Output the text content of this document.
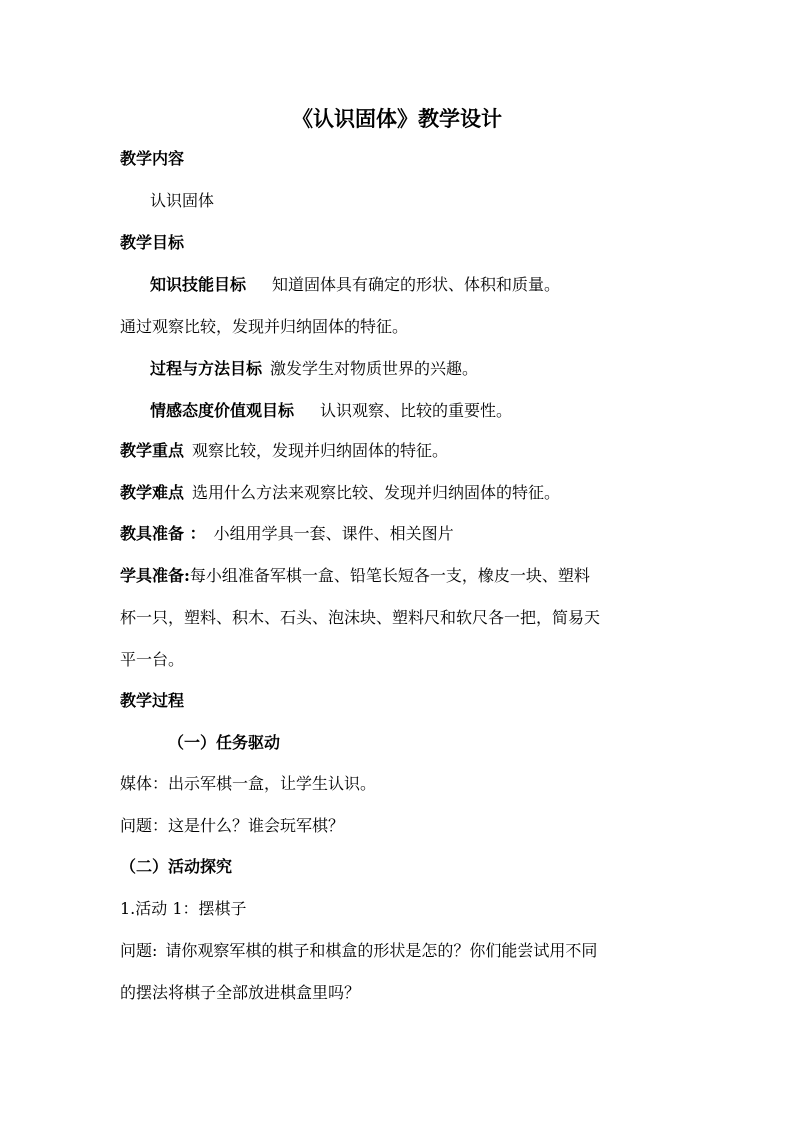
《认识固体》教学设计
教学内容
认识固体
教学目标
知识技能目标 知道固体具有确定的形状、体积和质量。
通过观察比较，发现并归纳固体的特征。
过程与方法目标 激发学生对物质世界的兴趣。
情感态度价值观目标 认识观察、比较的重要性。
教学重点 观察比较，发现并归纳固体的特征。
教学难点 选用什么方法来观察比较、发现并归纳固体的特征。
教具准备 ： 小组用学具一套、课件、相关图片
学具准备:每小组准备军棋一盒、铅笔长短各一支，橡皮一块、塑料
杯一只，塑料、积木、石头、泡沫块、塑料尺和软尺各一把，简易天
平一台。
教学过程
（一）任务驱动
媒体：出示军棋一盒，让学生认识。
问题：这是什么？谁会玩军棋？
（二）活动探究
1.活动 1：摆棋子
问题: 请你观察军棋的棋子和棋盒的形状是怎的？你们能尝试用不同
的摆法将棋子全部放进棋盒里吗？
